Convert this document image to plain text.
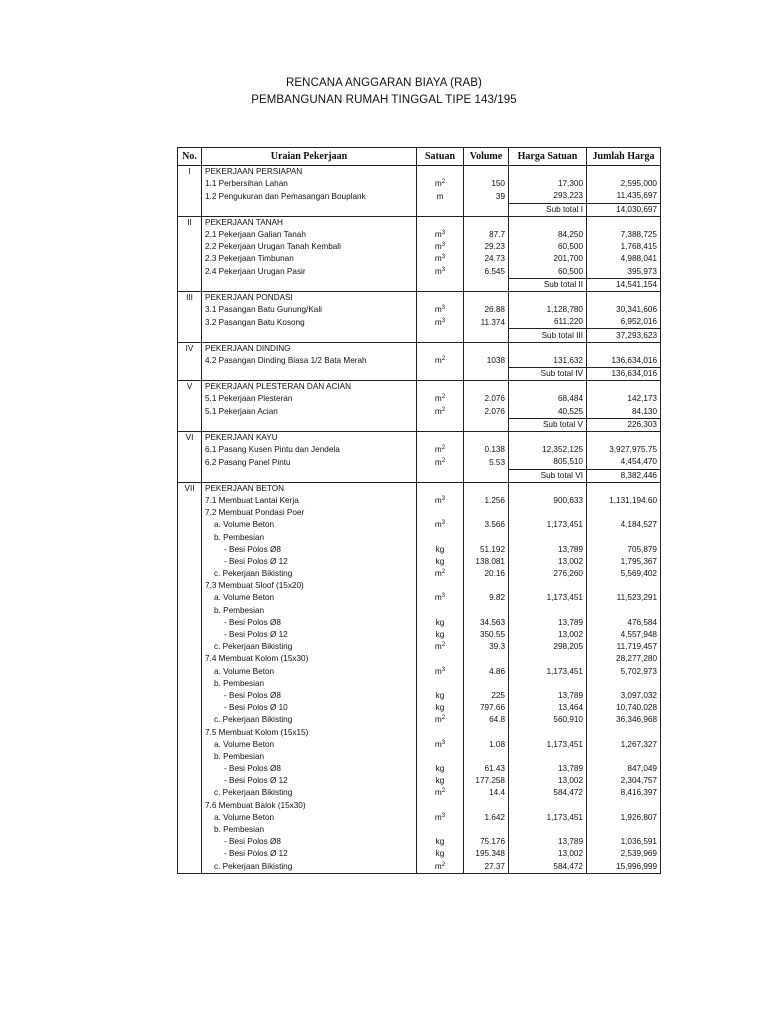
RENCANA ANGGARAN BIAYA (RAB)
PEMBANGUNAN RUMAH TINGGAL TIPE 143/195
No.	Uraian Pekerjaan	Satuan	Volume	Harga Satuan	Jumlah Harga
I	PEKERJAAN PERSIAPAN				
	1.1 Perbersihan Lahan	$m^2$	150	17,300	2,595,000
	1.2 Pengukuran dan Pemasangan Bouplank	m	39	293,223	11,435,697
				Sub total I	14,030,697
II	PEKERJAAN TANAH				
	2.1 Pekerjaan Galian Tanah	$m^3$	87.7	84,250	7,388,725
	2.2 Pekerjaan Urugan Tanah Kembali	$m^3$	29.23	60,500	1,768,415
	2.3 Pekerjaan Timbunan	$m^3$	24.73	201,700	4,988,041
	2.4 Pekerjaan Urugan Pasir	$m^3$	6.545	60,500	395,973
				Sub total II	14,541,154
III	PEKERJAAN PONDASI				
	3.1 Pasangan Batu Gunung/Kali	$m^3$	26.88	1,128,780	30,341,606
	3.2 Pasangan Batu Kosong	$m^3$	11.374	611,220	6,952,016
				Sub total III	37,293,623
IV	PEKERJAAN DINDING				
	4.2 Pasangan Dinding Biasa 1/2 Bata Merah	$m^2$	1038	131,632	136,634,016
				Sub total IV	136,634,016
V	PEKERJAAN PLESTERAN DAN ACIAN				
	5.1 Pekerjaan Plesteran	$m^2$	2.076	68,484	142,173
	5.1 Pekerjaan Acian	$m^2$	2.076	40,525	84,130
				Sub total V	226,303
VI	PEKERJAAN KAYU				
	6.1 Pasang Kusen Pintu dan Jendela	$m^2$	0.138	12,352,125	3,927,975.75
	6.2 Pasang Panel Pintu	$m^2$	5.53	805,510	4,454,470
				Sub total VI	8,382,446
VII	PEKERJAAN BETON				
	7.1 Membuat Lantai Kerja	$m^3$	1.256	900,633	1,131,194.60
	7.2 Membuat Pondasi Poer				
	a. Volume Beton	$m^3$	3.566	1,173,451	4,184,527
	b. Pembesian				
	- Besi Polos Ø8	kg	51.192	13,789	705,879
	- Besi Polos Ø 12	kg	138.081	13,002	1,795,367
	c. Pekerjaan Bikisting	$m^2$	20.16	276,260	5,569,402
	7.3 Membuat Sloof (15x20)				
	a. Volume Beton	$m^3$	9.82	1,173,451	11,523,291
	b. Pembesian				
	- Besi Polos Ø8	kg	34.563	13,789	476,584
	- Besi Polos Ø 12	kg	350.55	13,002	4,557,948
	c. Pekerjaan Bikisting	$m^2$	39.3	298,205	11,719,457
	7.4 Membuat Kolom (15x30)				28,277,280
	a. Volume Beton	$m^3$	4.86	1,173,451	5,702,973
	b. Pembesian				
	- Besi Polos Ø8	kg	225	13,789	3,097,032
	- Besi Polos Ø 10	kg	797.66	13,464	10,740,028
	c. Pekerjaan Bikisting	$m^2$	64.8	560,910	36,346,968
	7.5 Membuat Kolom (15x15)				
	a. Volume Beton	$m^3$	1.08	1,173,451	1,267,327
	b. Pembesian				
	- Besi Polos Ø8	kg	61.43	13,789	847,049
	- Besi Polos Ø 12	kg	177.258	13,002	2,304,757
	c. Pekerjaan Bikisting	$m^2$	14.4	584,472	8,416,397
	7.6 Membuat Balok (15x30)				
	a. Volume Beton	$m^3$	1.642	1,173,451	1,926,807
	b. Pembesian				
	- Besi Polos Ø8	kg	75.176	13,789	1,036,591
	- Besi Polos Ø 12	kg	195.348	13,002	2,539,969
	c. Pekerjaan Bikisting	$m^2$	27.37	584,472	15,996,999
